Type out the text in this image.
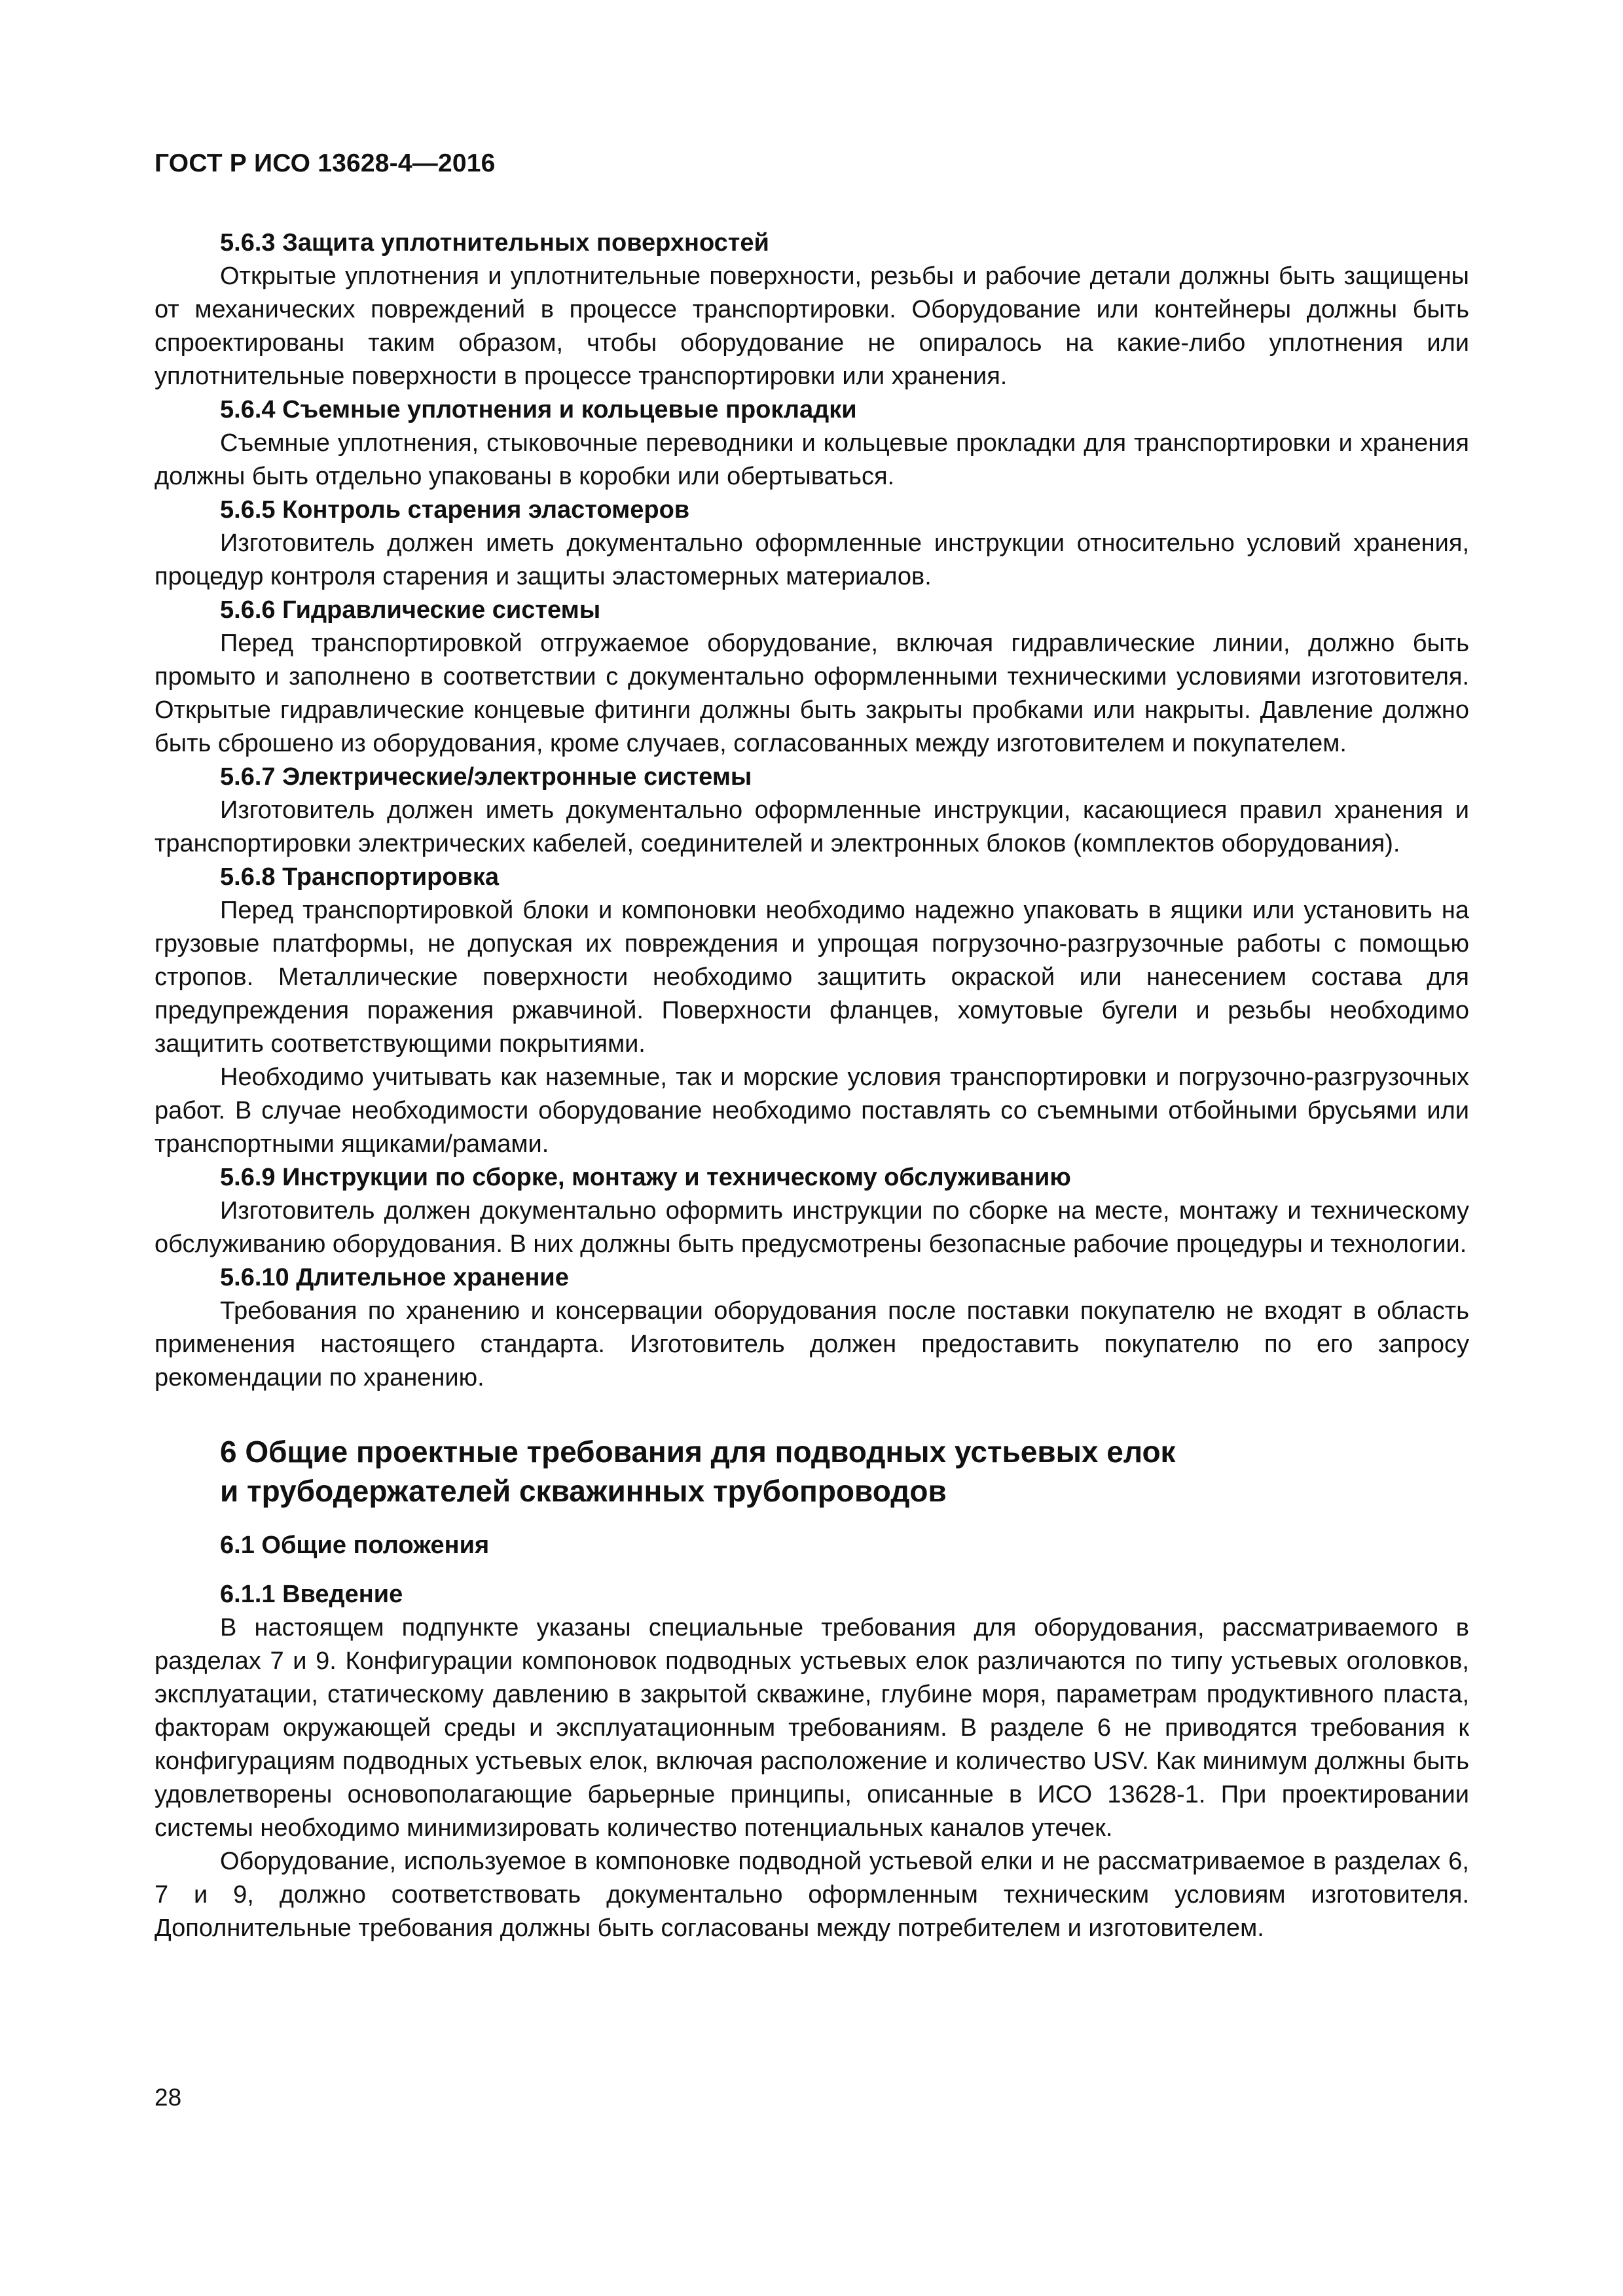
ГОСТ Р ИСО 13628-4—2016

5.6.3 Защита уплотнительных поверхностей

Открытые уплотнения и уплотнительные поверхности, резьбы и рабочие детали должны быть защищены от механических повреждений в процессе транспортировки. Оборудование или контейнеры должны быть спроектированы таким образом, чтобы оборудование не опиралось на какие-либо уплотнения или уплотнительные поверхности в процессе транспортировки или хранения.

5.6.4 Съемные уплотнения и кольцевые прокладки

Съемные уплотнения, стыковочные переводники и кольцевые прокладки для транспортировки и хранения должны быть отдельно упакованы в коробки или обертываться.

5.6.5 Контроль старения эластомеров

Изготовитель должен иметь документально оформленные инструкции относительно условий хранения, процедур контроля старения и защиты эластомерных материалов.

5.6.6 Гидравлические системы

Перед транспортировкой отгружаемое оборудование, включая гидравлические линии, должно быть промыто и заполнено в соответствии с документально оформленными техническими условиями изготовителя. Открытые гидравлические концевые фитинги должны быть закрыты пробками или накрыты. Давление должно быть сброшено из оборудования, кроме случаев, согласованных между изготовителем и покупателем.

5.6.7 Электрические/электронные системы

Изготовитель должен иметь документально оформленные инструкции, касающиеся правил хранения и транспортировки электрических кабелей, соединителей и электронных блоков (комплектов оборудования).

5.6.8 Транспортировка

Перед транспортировкой блоки и компоновки необходимо надежно упаковать в ящики или установить на грузовые платформы, не допуская их повреждения и упрощая погрузочно-разгрузочные работы с помощью стропов. Металлические поверхности необходимо защитить окраской или нанесением состава для предупреждения поражения ржавчиной. Поверхности фланцев, хомутовые бугели и резьбы необходимо защитить соответствующими покрытиями.

Необходимо учитывать как наземные, так и морские условия транспортировки и погрузочно-разгрузочных работ. В случае необходимости оборудование необходимо поставлять со съемными отбойными брусьями или транспортными ящиками/рамами.

5.6.9 Инструкции по сборке, монтажу и техническому обслуживанию

Изготовитель должен документально оформить инструкции по сборке на месте, монтажу и техническому обслуживанию оборудования. В них должны быть предусмотрены безопасные рабочие процедуры и технологии.

5.6.10 Длительное хранение

Требования по хранению и консервации оборудования после поставки покупателю не входят в область применения настоящего стандарта. Изготовитель должен предоставить покупателю по его запросу рекомендации по хранению.

6 Общие проектные требования для подводных устьевых елок
и трубодержателей скважинных трубопроводов

6.1 Общие положения

6.1.1 Введение

В настоящем подпункте указаны специальные требования для оборудования, рассматриваемого в разделах 7 и 9. Конфигурации компоновок подводных устьевых елок различаются по типу устьевых оголовков, эксплуатации, статическому давлению в закрытой скважине, глубине моря, параметрам продуктивного пласта, факторам окружающей среды и эксплуатационным требованиям. В разделе 6 не приводятся требования к конфигурациям подводных устьевых елок, включая расположение и количество USV. Как минимум должны быть удовлетворены основополагающие барьерные принципы, описанные в ИСО 13628-1. При проектировании системы необходимо минимизировать количество потенциальных каналов утечек.

Оборудование, используемое в компоновке подводной устьевой елки и не рассматриваемое в разделах 6, 7 и 9, должно соответствовать документально оформленным техническим условиям изготовителя. Дополнительные требования должны быть согласованы между потребителем и изготовителем.

28
